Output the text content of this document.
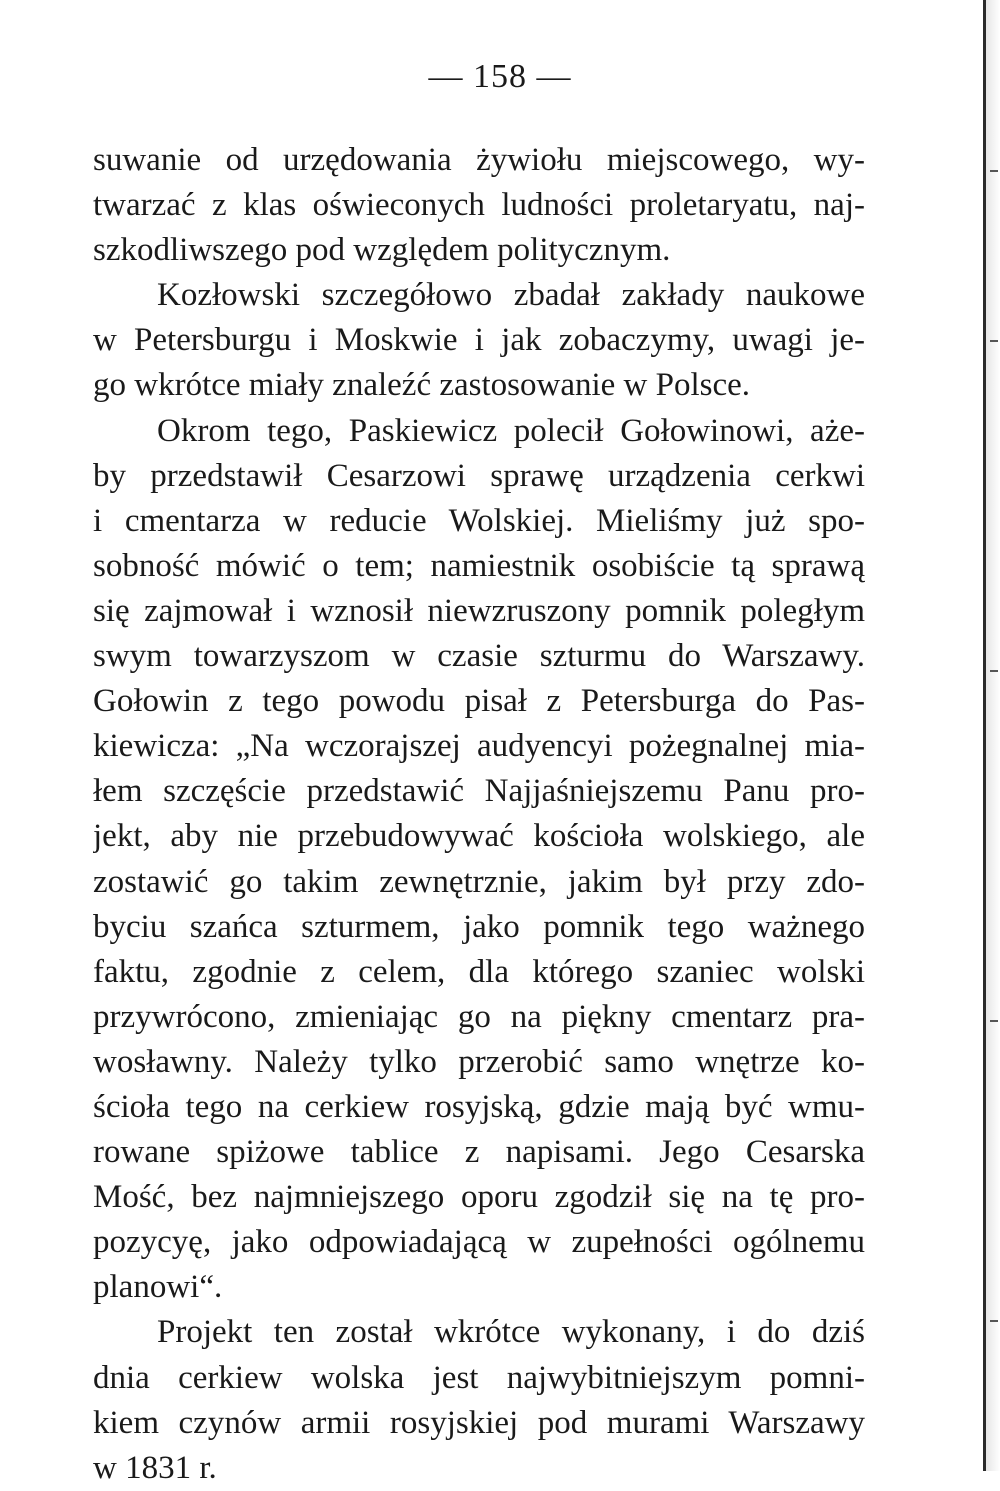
— 158 —
suwanie od urzędowania żywiołu miejscowego, wy-
twarzać z klas oświeconych ludności proletaryatu, naj-
szkodliwszego pod względem politycznym.
Kozłowski szczegółowo zbadał zakłady naukowe
w Petersburgu i Moskwie i jak zobaczymy, uwagi je-
go wkrótce miały znaleźć zastosowanie w Polsce.
Okrom tego, Paskiewicz polecił Gołowinowi, aże-
by przedstawił Cesarzowi sprawę urządzenia cerkwi
i cmentarza w reducie Wolskiej. Mieliśmy już spo-
sobność mówić o tem; namiestnik osobiście tą sprawą
się zajmował i wznosił niewzruszony pomnik poległym
swym towarzyszom w czasie szturmu do Warszawy.
Gołowin z tego powodu pisał z Petersburga do Pas-
kiewicza: „Na wczorajszej audyencyi pożegnalnej mia-
łem szczęście przedstawić Najjaśniejszemu Panu pro-
jekt, aby nie przebudowywać kościoła wolskiego, ale
zostawić go takim zewnętrznie, jakim był przy zdo-
byciu szańca szturmem, jako pomnik tego ważnego
faktu, zgodnie z celem, dla którego szaniec wolski
przywrócono, zmieniając go na piękny cmentarz pra-
wosławny. Należy tylko przerobić samo wnętrze ko-
ścioła tego na cerkiew rosyjską, gdzie mają być wmu-
rowane spiżowe tablice z napisami. Jego Cesarska
Mość, bez najmniejszego oporu zgodził się na tę pro-
pozycyę, jako odpowiadającą w zupełności ogólnemu
planowi“.
Projekt ten został wkrótce wykonany, i do dziś
dnia cerkiew wolska jest najwybitniejszym pomni-
kiem czynów armii rosyjskiej pod murami Warszawy
w 1831 r.
